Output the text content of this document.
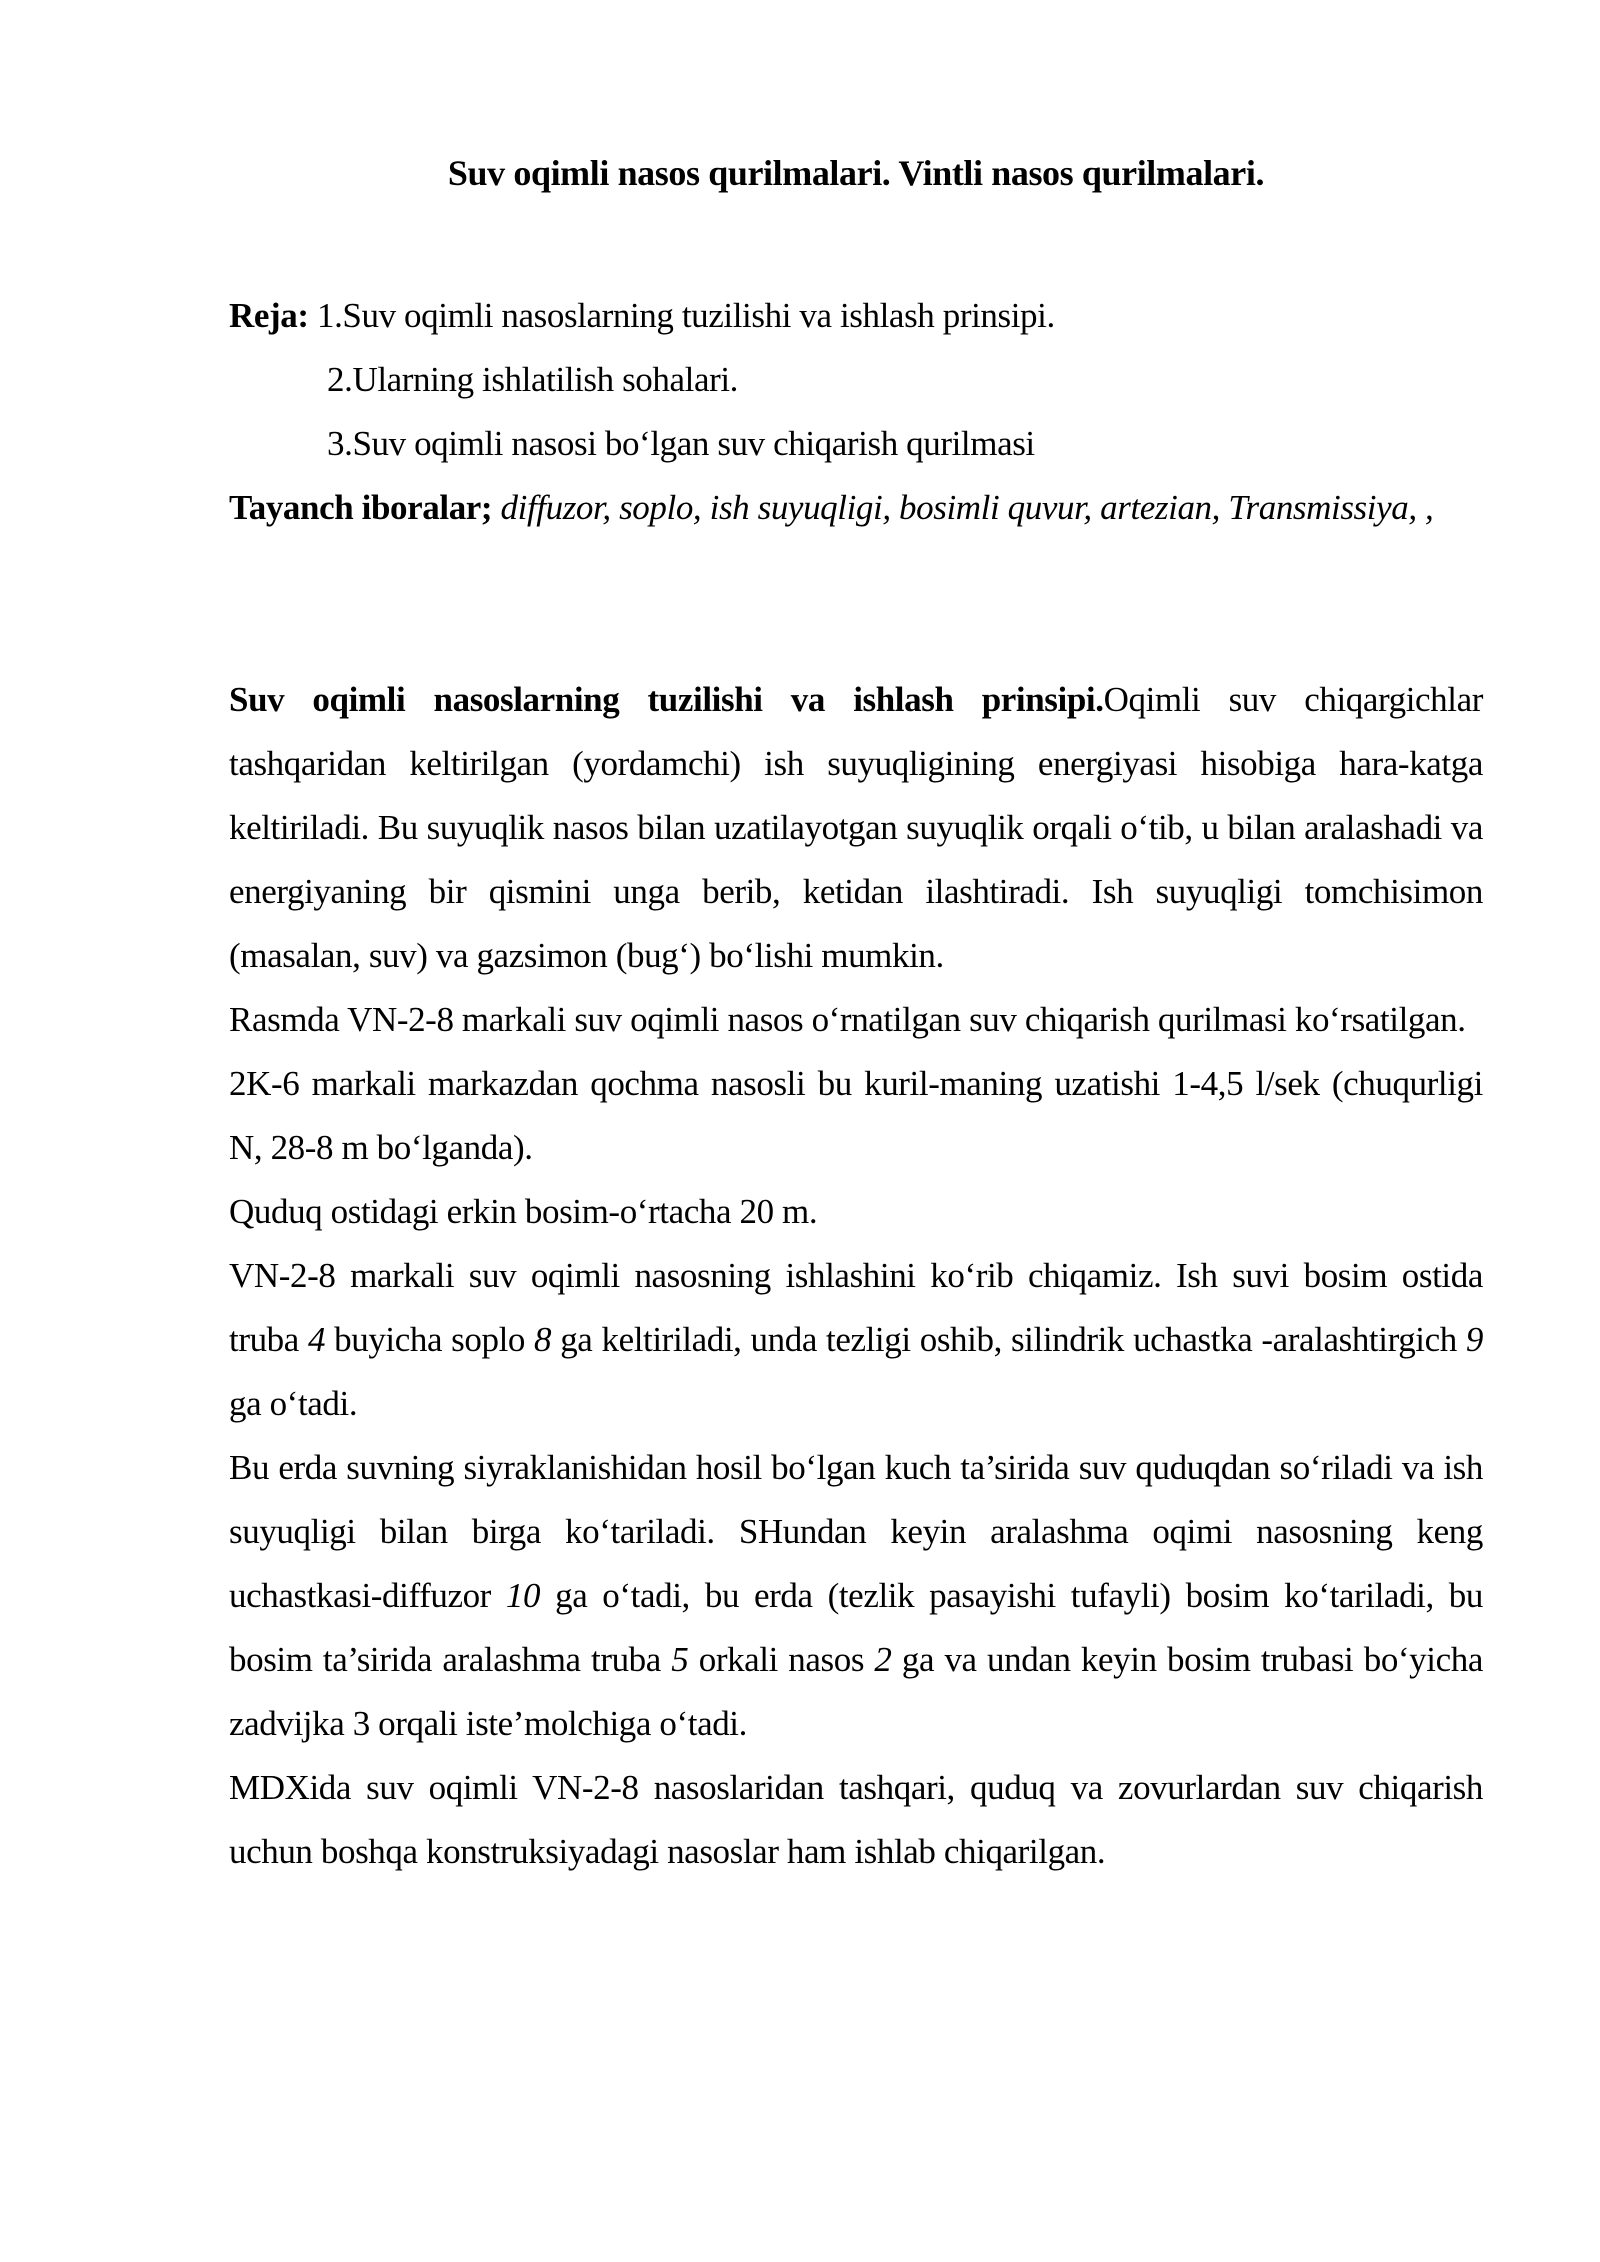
Suv oqimli nasos qurilmalari. Vintli nasos qurilmalari.

Reja: 1.Suv oqimli nasoslarning tuzilishi va ishlash prinsipi.

2.Ularning ishlatilish sohalari.

3.Suv oqimli nasosi bo‘lgan suv chiqarish qurilmasi

Tayanch iboralar; diffuzor, soplo, ish suyuqligi, bosimli quvur, artezian, Transmissiya, ,

Suv oqimli nasoslarning tuzilishi va ishlash prinsipi.Oqimli suv chiqargichlar tashqaridan keltirilgan (yordamchi) ish suyuqligining energiyasi hisobiga hara-katga keltiriladi. Bu suyuqlik nasos bilan uzatilayotgan suyuqlik orqali o‘tib, u bilan aralashadi va energiyaning bir qismini unga berib, ketidan ilashtiradi. Ish suyuqligi tomchisimon (masalan, suv) va gazsimon (bug‘) bo‘lishi mumkin.

Rasmda VN-2-8 markali suv oqimli nasos o‘rnatilgan suv chiqarish qurilmasi ko‘rsatilgan.

2K-6 markali markazdan qochma nasosli bu kuril-maning uzatishi 1-4,5 l/sek (chuqurligi N, 28-8 m bo‘lganda).

Quduq ostidagi erkin bosim-o‘rtacha 20 m.

VN-2-8 markali suv oqimli nasosning ishlashini ko‘rib chiqamiz. Ish suvi bosim ostida truba 4 buyicha soplo 8 ga keltiriladi, unda tezligi oshib, silindrik uchastka -aralashtirgich 9 ga o‘tadi.

Bu erda suvning siyraklanishidan hosil bo‘lgan kuch ta’sirida suv quduqdan so‘riladi va ish suyuqligi bilan birga ko‘tariladi. SHundan keyin aralashma oqimi nasosning keng uchastkasi-diffuzor 10 ga o‘tadi, bu erda (tezlik pasayishi tufayli) bosim ko‘tariladi, bu bosim ta’sirida aralashma truba 5 orkali nasos 2 ga va undan keyin bosim trubasi bo‘yicha zadvijka 3 orqali iste’molchiga o‘tadi.

MDXida suv oqimli VN-2-8 nasoslaridan tashqari, quduq va zovurlardan suv chiqarish uchun boshqa konstruksiyadagi nasoslar ham ishlab chiqarilgan.
